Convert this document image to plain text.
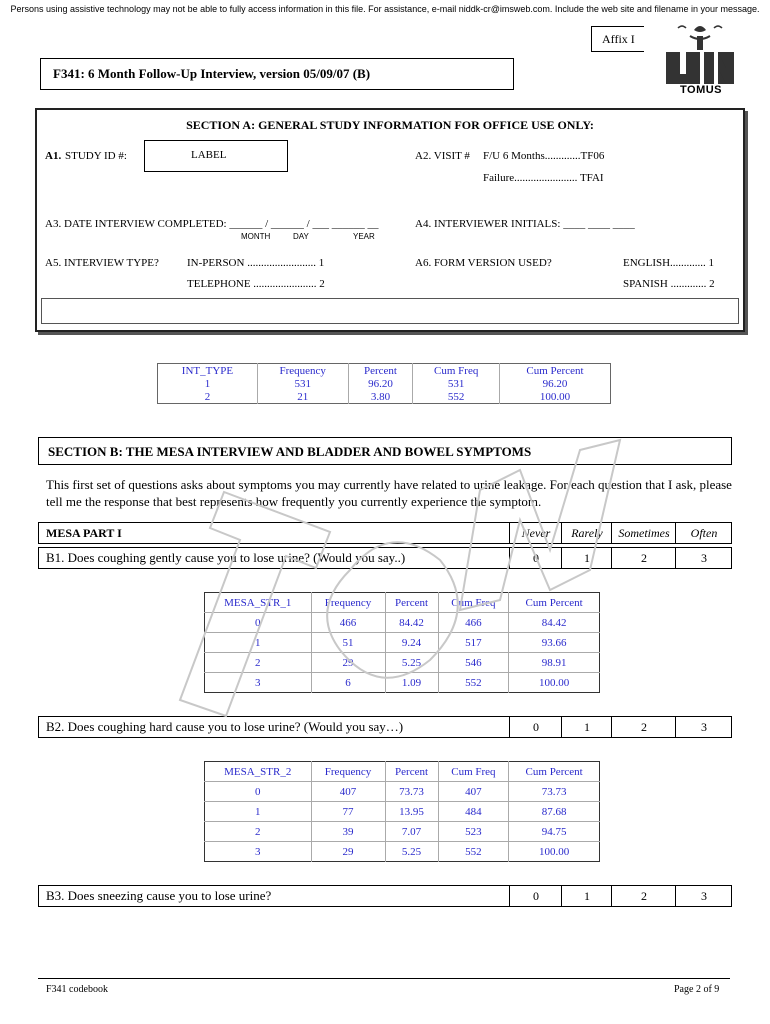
Persons using assistive technology may not be able to fully access information in this file. For assistance, e-mail niddk-cr@imsweb.com. Include the web site and filename in your message.
Affix I
TOMUS
F341: 6 Month Follow-Up Interview, version 05/09/07 (B)
SECTION A: GENERAL STUDY INFORMATION FOR OFFICE USE ONLY:
A1. STUDY ID #:	A2. VISIT # F/U 6 Months.............TF06
Failure....................... TFAI
A3. DATE INTERVIEW COMPLETED: ______ / ______ / ___ ______ __
MONTH	DAY	YEAR
A4. INTERVIEWER INITIALS: ____ ____ ____
A5. INTERVIEW TYPE?	IN-PERSON ......................... 1
TELEPHONE ....................... 2
A6. FORM VERSION USED?	ENGLISH............. 1
SPANISH ............. 2
LABEL
INT_TYPE	Frequency	Percent	Cum Freq	Cum Percent
1	531	96.20	531	96.20
2	21	3.80	552	100.00
SECTION B: THE MESA INTERVIEW AND BLADDER AND BOWEL SYMPTOMS
This first set of questions asks about symptoms you may currently have related to urine leakage. For each question that I ask, please tell me the response that best represents how frequently you currently experience the symptom.
MESA PART I	Never	Rarely	Sometimes	Often
B1. Does coughing gently cause you to lose urine? (Would you say..)	0	1	2	3
MESA_STR_1	Frequency	Percent	Cum Freq	Cum Percent
0	466	84.42	466	84.42
1	51	9.24	517	93.66
2	29	5.25	546	98.91
3	6	1.09	552	100.00
B2. Does coughing hard cause you to lose urine? (Would you say…)	0	1	2	3
MESA_STR_2	Frequency	Percent	Cum Freq	Cum Percent
0	407	73.73	407	73.73
1	77	13.95	484	87.68
2	39	7.07	523	94.75
3	29	5.25	552	100.00
B3. Does sneezing cause you to lose urine?	0	1	2	3
F341 codebook	Page 2 of 9
